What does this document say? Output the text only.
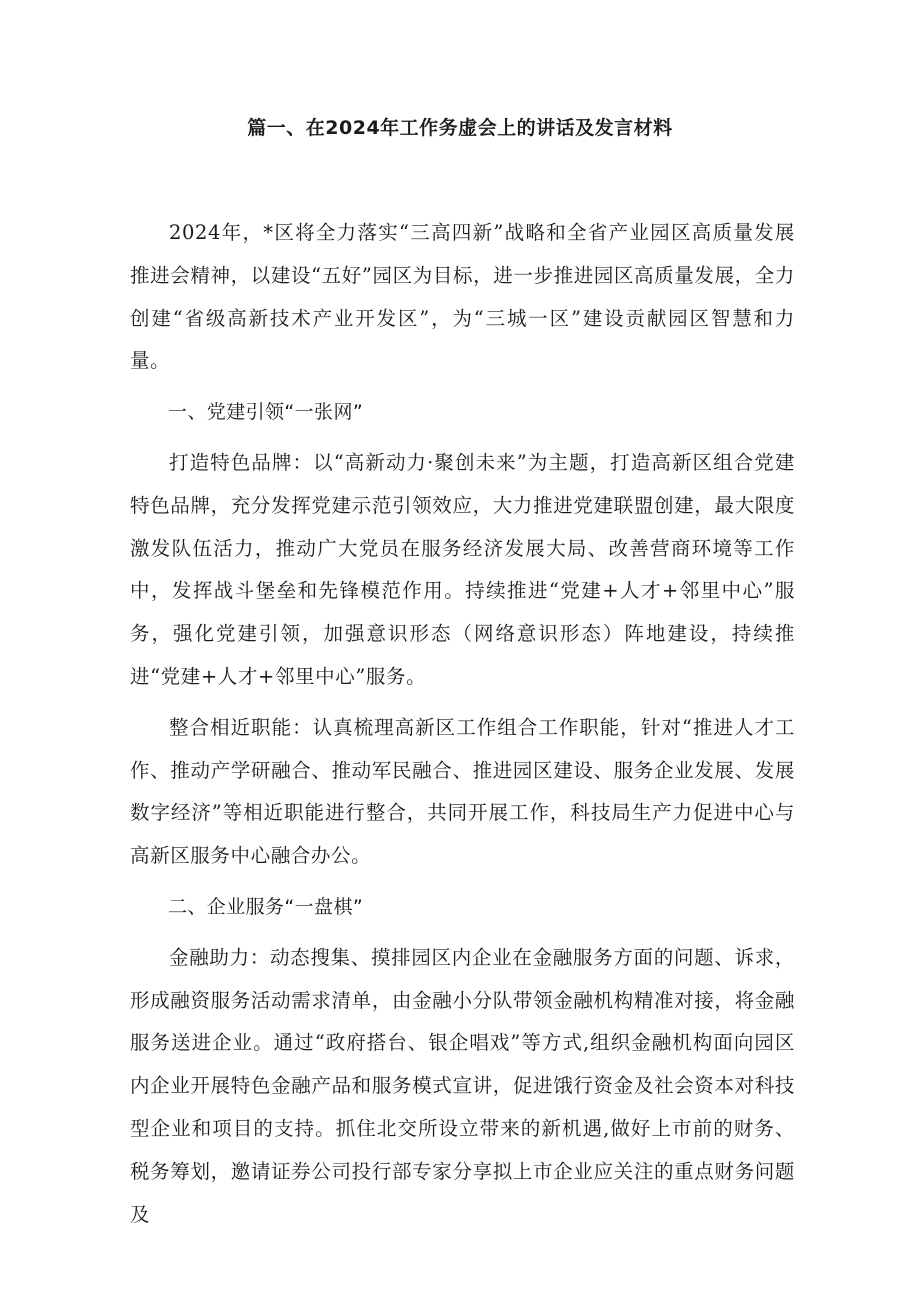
篇一、在2024年工作务虚会上的讲话及发言材料

2024年，*区将全力落实“三高四新”战略和全省产业园区高质量发展推进会精神，以建设“五好”园区为目标，进一步推进园区高质量发展，全力创建“省级高新技术产业开发区”，为“三城一区”建设贡献园区智慧和力量。

一、党建引领“一张网”

打造特色品牌：以“高新动力·聚创未来”为主题，打造高新区组合党建特色品牌，充分发挥党建示范引领效应，大力推进党建联盟创建，最大限度激发队伍活力，推动广大党员在服务经济发展大局、改善营商环境等工作中，发挥战斗堡垒和先锋模范作用。持续推进“党建+人才+邻里中心”服务，强化党建引领，加强意识形态（网络意识形态）阵地建设，持续推进“党建+人才+邻里中心”服务。

整合相近职能：认真梳理高新区工作组合工作职能，针对“推进人才工作、推动产学研融合、推动军民融合、推进园区建设、服务企业发展、发展数字经济”等相近职能进行整合，共同开展工作，科技局生产力促进中心与高新区服务中心融合办公。

二、企业服务“一盘棋”

金融助力：动态搜集、摸排园区内企业在金融服务方面的问题、诉求，形成融资服务活动需求清单，由金融小分队带领金融机构精准对接，将金融服务送进企业。通过“政府搭台、银企唱戏”等方式,组织金融机构面向园区内企业开展特色金融产品和服务模式宣讲，促进饿行资金及社会资本对科技型企业和项目的支持。抓住北交所设立带来的新机遇,做好上市前的财务、税务筹划，邀请证券公司投行部专家分享拟上市企业应关注的重点财务问题及
